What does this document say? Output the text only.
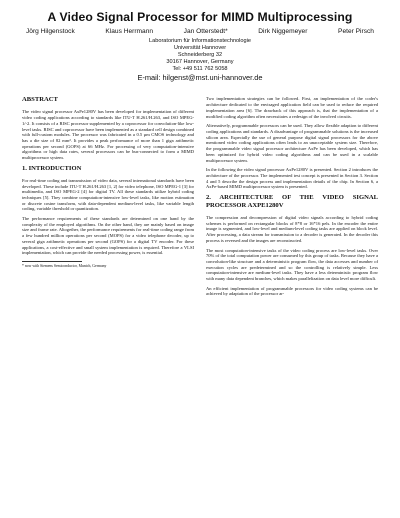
A Video Signal Processor for MIMD Multiprocessing
Jörg Hilgenstock	Klaus Herrmann	Jan Otterstedt*	Dirk Niggemeyer	Peter Pirsch
Laboratorium für Informationstechnologie
Universität Hannover
Schneiderberg 32
30167 Hannover, Germany
Tel: +49 511 762 5058
E-mail: hilgenst@mst.uni-hannover.de
ABSTRACT

The video signal processor AxPe1280V has been developed for implementation of different video coding applications according to standards like ITU-T H.261/H.263, and ISO MPEG-1/-2. It consists of a RISC processor supplemented by a coprocessor for convolution-like low-level tasks. RISC and coprocessor have been implemented as a standard cell design combined with full-custom modules. The processor was fabricated in a 0.5 µm CMOS technology and has a die size of 82 mm². It provides a peak performance of more than 1 giga arithmetic operations per second (GOPS) at 66 MHz. For processing of very computation-intensive algorithms or high data rates, several processors can be bus-connected to form a MIMD multiprocessor system.

1. INTRODUCTION

For real-time coding and transmission of video data, several international standards have been developed. These include ITU-T H.261/H.263 [1, 2] for video telephone, ISO MPEG-1 [3] for multimedia, and ISO MPEG-2 [4] for digital TV. All these standards utilize hybrid coding techniques [5]. They combine computation-intensive low-level tasks, like motion estimation or discrete cosine transform, with data-dependent medium-level tasks, like variable length coding, variable threshold or quantization.

The performance requirements of these standards are determined on one hand by the complexity of the employed algorithms. On the other hand, they are mainly based on image size and frame rate. Altogether, the performance requirements for real-time coding range from a few hundred million operations per second (MOPS) for a video telephone decoder, up to several giga arithmetic operations per second (GOPS) for a digital TV encoder. For these applications, a cost-effective and small system implementation is required. Therefore a VLSI implementation, which can provide the needed processing power, is essential.

* now with Siemens Semiconductor, Munich, Germany

Two implementation strategies can be followed. First, an implementation of the coder's architecture dedicated to the envisaged application field can be used to reduce the required implementation area [6]. The drawback of this approach is, that the implementation of a modified coding algorithm often necessitates a redesign of the involved circuits.

Alternatively, programmable processors can be used. They allow flexible adaption to different coding applications and standards. A disadvantage of programmable solutions is the increased silicon area. Especially the use of general purpose digital signal processors for the above mentioned video coding applications often leads to an unacceptable system size. Therefore, the programmable video signal processor architecture AxPe has been developed, which has been optimized for hybrid video coding algorithms and can be used in a scalable multiprocessor system.

In the following the video signal processor AxPe1280V is presented. Section 2 introduces the architecture of the processor. The implemented test concept is presented in Section 3. Section 4 and 5 describe the design process and implementation details of the chip. In Section 6, a AxPe-based MIMD multiprocessor system is presented.

2. ARCHITECTURE OF THE VIDEO SIGNAL PROCESSOR AXPE1280V

The compression and decompression of digital video signals according to hybrid coding schemes is performed on rectangular blocks of 8*8 or 16*16 pels. In the encoder the entire image is segmented, and low-level and medium-level coding tasks are applied on block level. After processing, a data stream for transmission to a decoder is generated. In the decoder this process is reversed and the images are reconstructed.

The most computation-intensive tasks of the video coding process are low-level tasks. Over 70% of the total computation power are consumed by this group of tasks. Because they have a convolution-like structure and a deterministic program flow, the data accesses and number of execution cycles are predetermined and so the controlling is relatively simple. Less computation-intensive are medium-level tasks. They have a less deterministic program flow with many data dependent branches, which makes parallelization on data level more difficult.

An efficient implementation of programmable processors for video coding systems can be achieved by adaptation of the processor ar-
